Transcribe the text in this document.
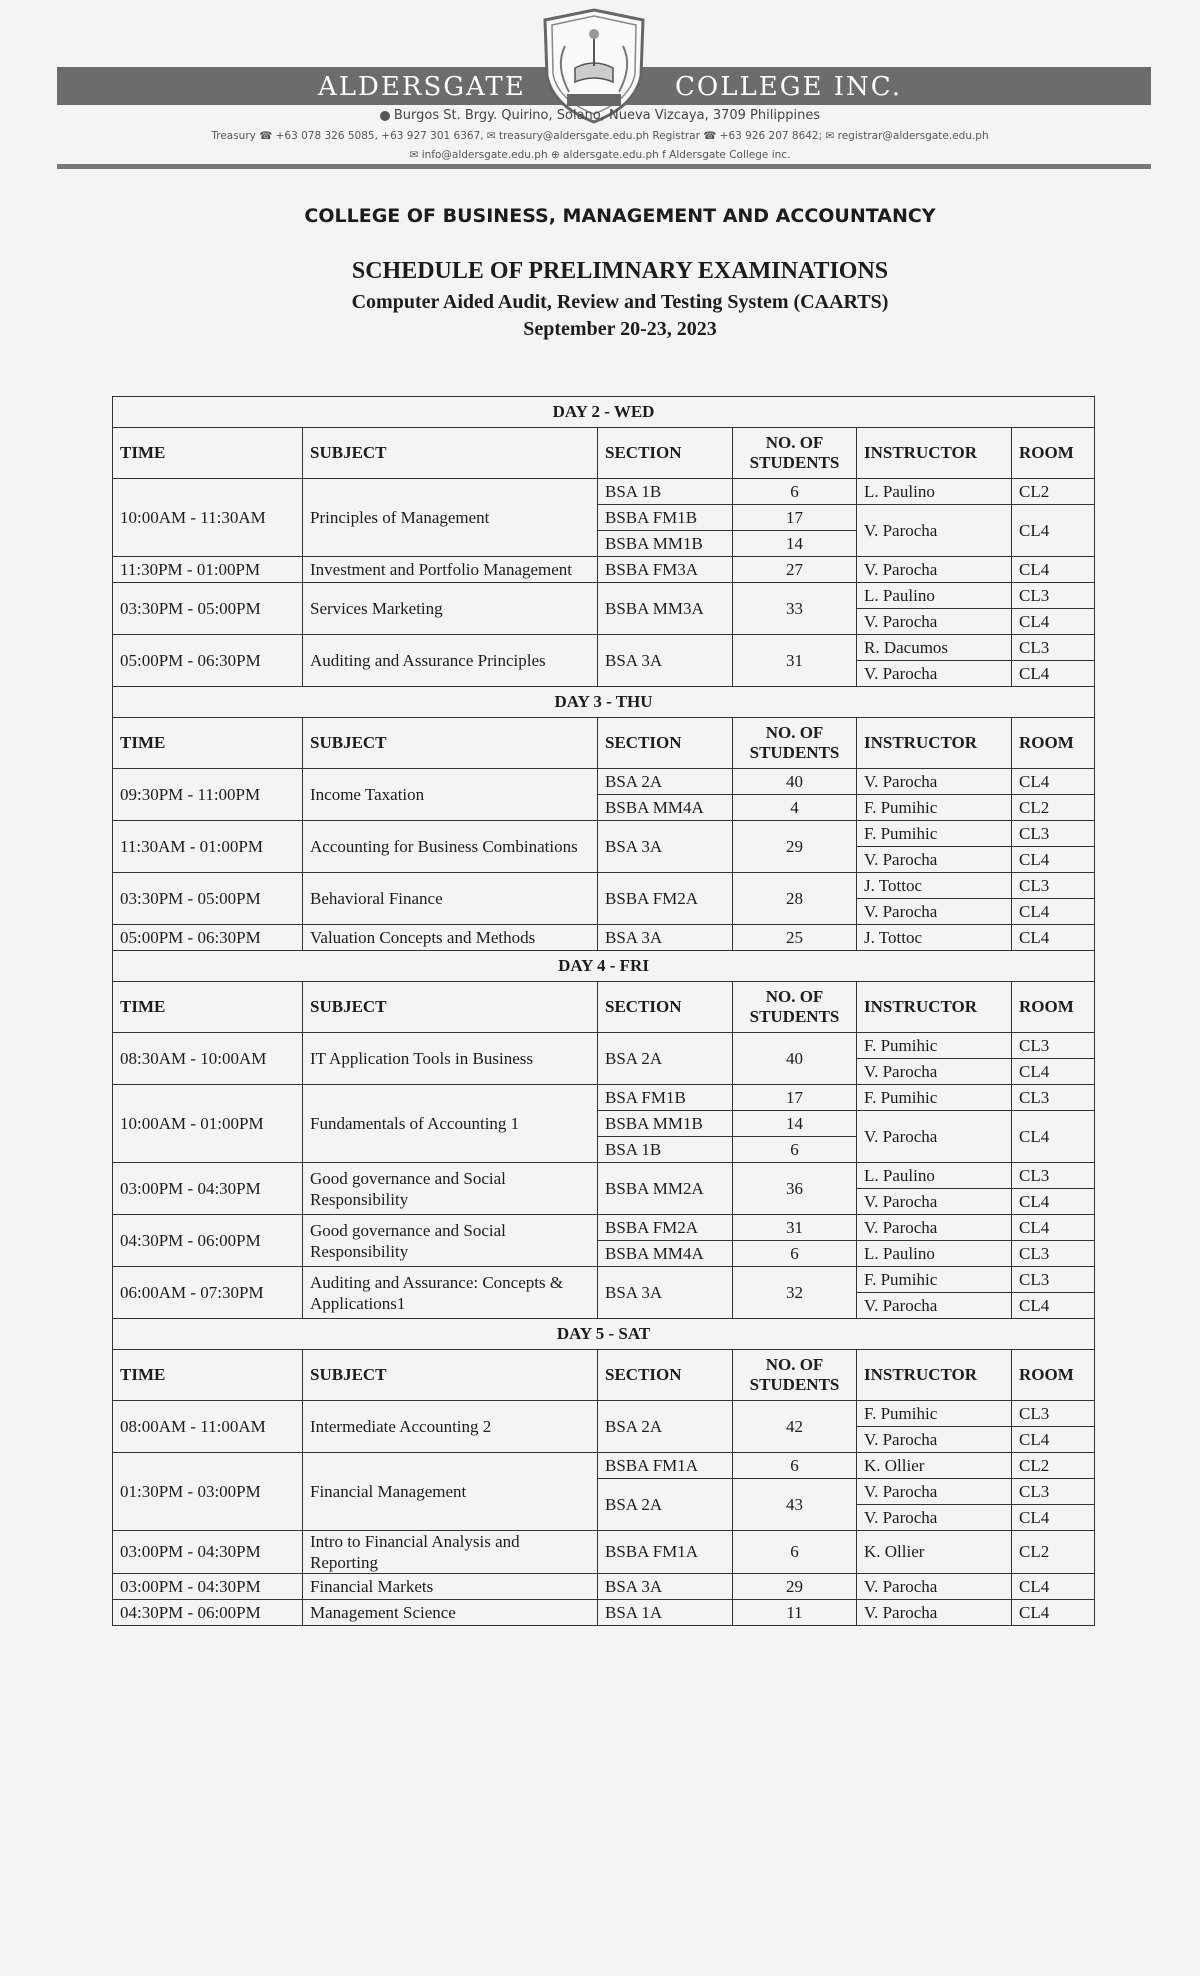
ALDERSGATE	COLLEGE INC.
Burgos St. Brgy. Quirino, Solano, Nueva Vizcaya, 3709 Philippines
Treasury ☎ +63 078 326 5085, +63 927 301 6367, ✉ treasury@aldersgate.edu.ph Registrar ☎ +63 926 207 8642; ✉ registrar@aldersgate.edu.ph
✉ info@aldersgate.edu.ph ⊕ aldersgate.edu.ph f Aldersgate College inc.
COLLEGE OF BUSINESS, MANAGEMENT AND ACCOUNTANCY
SCHEDULE OF PRELIMNARY EXAMINATIONS
Computer Aided Audit, Review and Testing System (CAARTS)
September 20-23, 2023
DAY 2 - WED					
TIME	SUBJECT	SECTION	NO. OF STUDENTS	INSTRUCTOR	ROOM
10:00AM - 11:30AM	Principles of Management	BSA 1B	6	L. Paulino	CL2
		BSBA FM1B	17	V. Parocha	CL4
		BSBA MM1B	14		
11:30PM - 01:00PM	Investment and Portfolio Management	BSBA FM3A	27	V. Parocha	CL4
03:30PM - 05:00PM	Services Marketing	BSBA MM3A	33	L. Paulino	CL3
				V. Parocha	CL4
05:00PM - 06:30PM	Auditing and Assurance Principles	BSA 3A	31	R. Dacumos	CL3
				V. Parocha	CL4
DAY 3 - THU					
TIME	SUBJECT	SECTION	NO. OF STUDENTS	INSTRUCTOR	ROOM
09:30PM - 11:00PM	Income Taxation	BSA 2A	40	V. Parocha	CL4
		BSBA MM4A	4	F. Pumihic	CL2
11:30AM - 01:00PM	Accounting for Business Combinations	BSA 3A	29	F. Pumihic	CL3
				V. Parocha	CL4
03:30PM - 05:00PM	Behavioral Finance	BSBA FM2A	28	J. Tottoc	CL3
				V. Parocha	CL4
05:00PM - 06:30PM	Valuation Concepts and Methods	BSA 3A	25	J. Tottoc	CL4
DAY 4 - FRI					
TIME	SUBJECT	SECTION	NO. OF STUDENTS	INSTRUCTOR	ROOM
08:30AM - 10:00AM	IT Application Tools in Business	BSA 2A	40	F. Pumihic	CL3
				V. Parocha	CL4
10:00AM - 01:00PM	Fundamentals of Accounting 1	BSA FM1B	17	F. Pumihic	CL3
		BSBA MM1B	14	V. Parocha	CL4
		BSA 1B	6		
03:00PM - 04:30PM	Good governance and Social Responsibility	BSBA MM2A	36	L. Paulino	CL3
				V. Parocha	CL4
04:30PM - 06:00PM	Good governance and Social Responsibility	BSBA FM2A	31	V. Parocha	CL4
		BSBA MM4A	6	L. Paulino	CL3
06:00AM - 07:30PM	Auditing and Assurance: Concepts & Applications1	BSA 3A	32	F. Pumihic	CL3
				V. Parocha	CL4
DAY 5 - SAT					
TIME	SUBJECT	SECTION	NO. OF STUDENTS	INSTRUCTOR	ROOM
08:00AM - 11:00AM	Intermediate Accounting 2	BSA 2A	42	F. Pumihic	CL3
				V. Parocha	CL4
01:30PM - 03:00PM	Financial Management	BSBA FM1A	6	K. Ollier	CL2
		BSA 2A	43	V. Parocha	CL3
				V. Parocha	CL4
03:00PM - 04:30PM	Intro to Financial Analysis and Reporting	BSBA FM1A	6	K. Ollier	CL2
03:00PM - 04:30PM	Financial Markets	BSA 3A	29	V. Parocha	CL4
04:30PM - 06:00PM	Management Science	BSA 1A	11	V. Parocha	CL4
